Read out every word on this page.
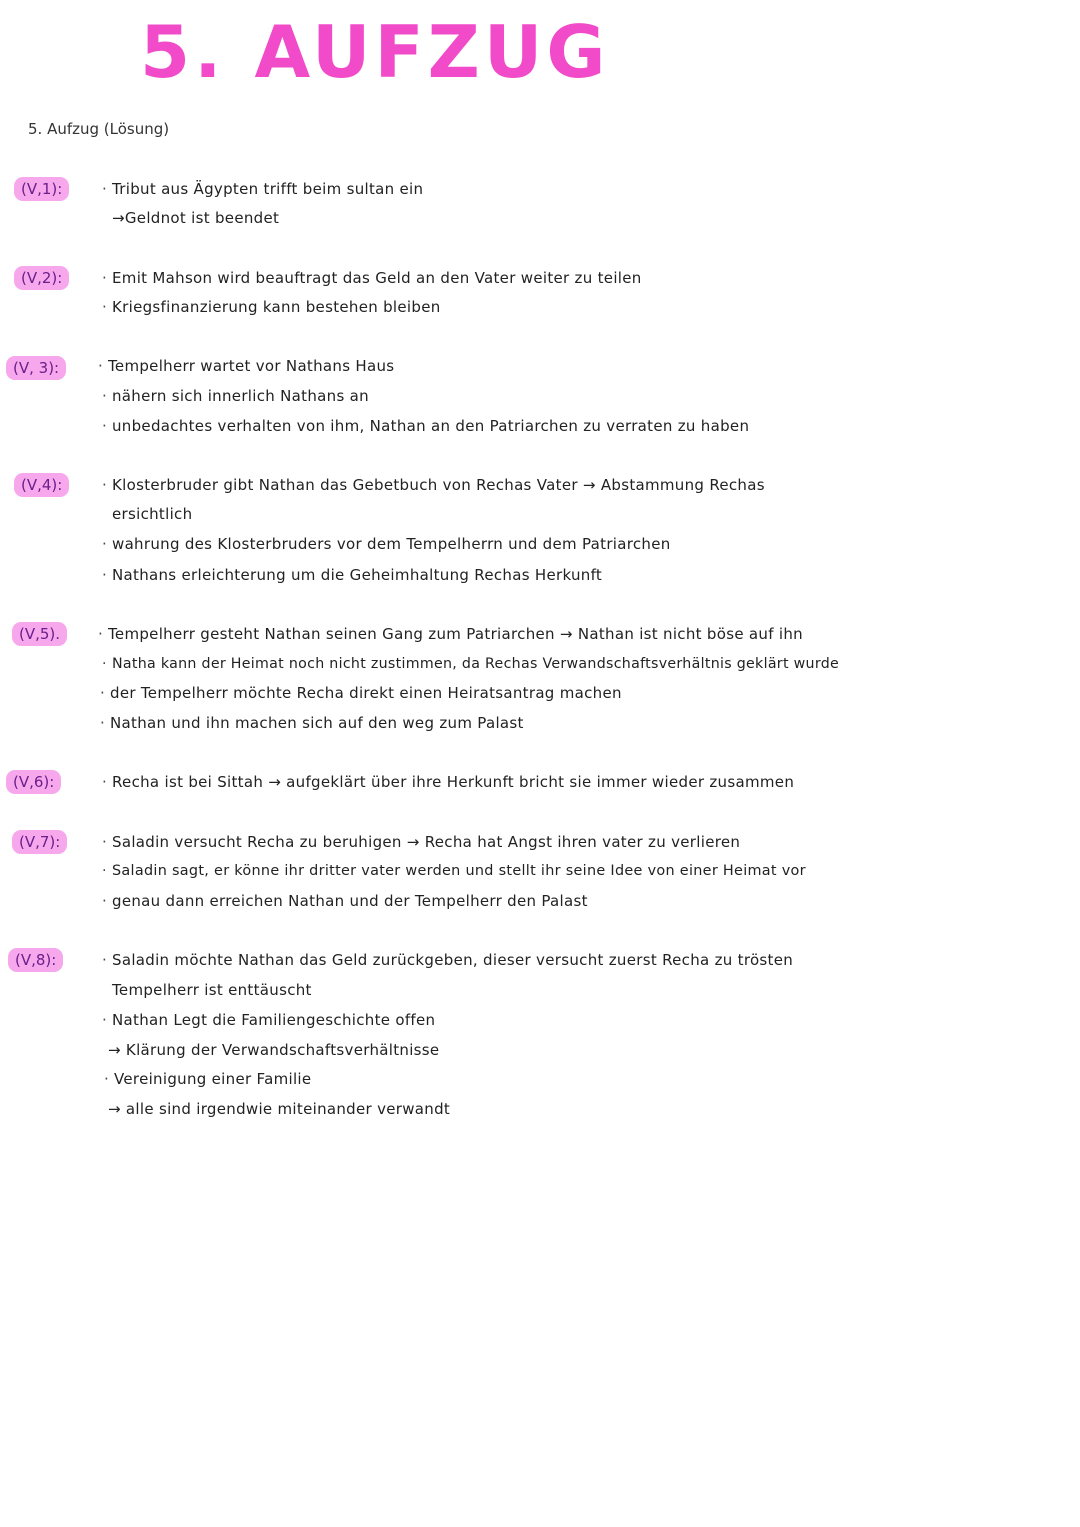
5. AUFZUG
5. Aufzug (Lösung)
(V,1):	· Tribut aus Ägypten trifft beim sultan ein
→Geldnot ist beendet
(V,2):	· Emit Mahson wird beauftragt das Geld an den Vater weiter zu teilen
· Kriegsfinanzierung kann bestehen bleiben
(V, 3):	· Tempelherr wartet vor Nathans Haus
· nähern sich innerlich Nathans an
· unbedachtes verhalten von ihm, Nathan an den Patriarchen zu verraten zu haben
(V,4):	· Klosterbruder gibt Nathan das Gebetbuch von Rechas Vater → Abstammung Rechas
ersichtlich
· wahrung des Klosterbruders vor dem Tempelherrn und dem Patriarchen
· Nathans erleichterung um die Geheimhaltung Rechas Herkunft
(V,5).	· Tempelherr gesteht Nathan seinen Gang zum Patriarchen → Nathan ist nicht böse auf ihn
· Natha kann der Heimat noch nicht zustimmen, da Rechas Verwandschaftsverhältnis geklärt wurde
· der Tempelherr möchte Recha direkt einen Heiratsantrag machen
· Nathan und ihn machen sich auf den weg zum Palast
(V,6):	· Recha ist bei Sittah → aufgeklärt über ihre Herkunft bricht sie immer wieder zusammen
(V,7):	· Saladin versucht Recha zu beruhigen → Recha hat Angst ihren vater zu verlieren
· Saladin sagt, er könne ihr dritter vater werden und stellt ihr seine Idee von einer Heimat vor
· genau dann erreichen Nathan und der Tempelherr den Palast
(V,8):	· Saladin möchte Nathan das Geld zurückgeben, dieser versucht zuerst Recha zu trösten
Tempelherr ist enttäuscht
· Nathan Legt die Familiengeschichte offen
→ Klärung der Verwandschaftsverhältnisse
· Vereinigung einer Familie
→ alle sind irgendwie miteinander verwandt
